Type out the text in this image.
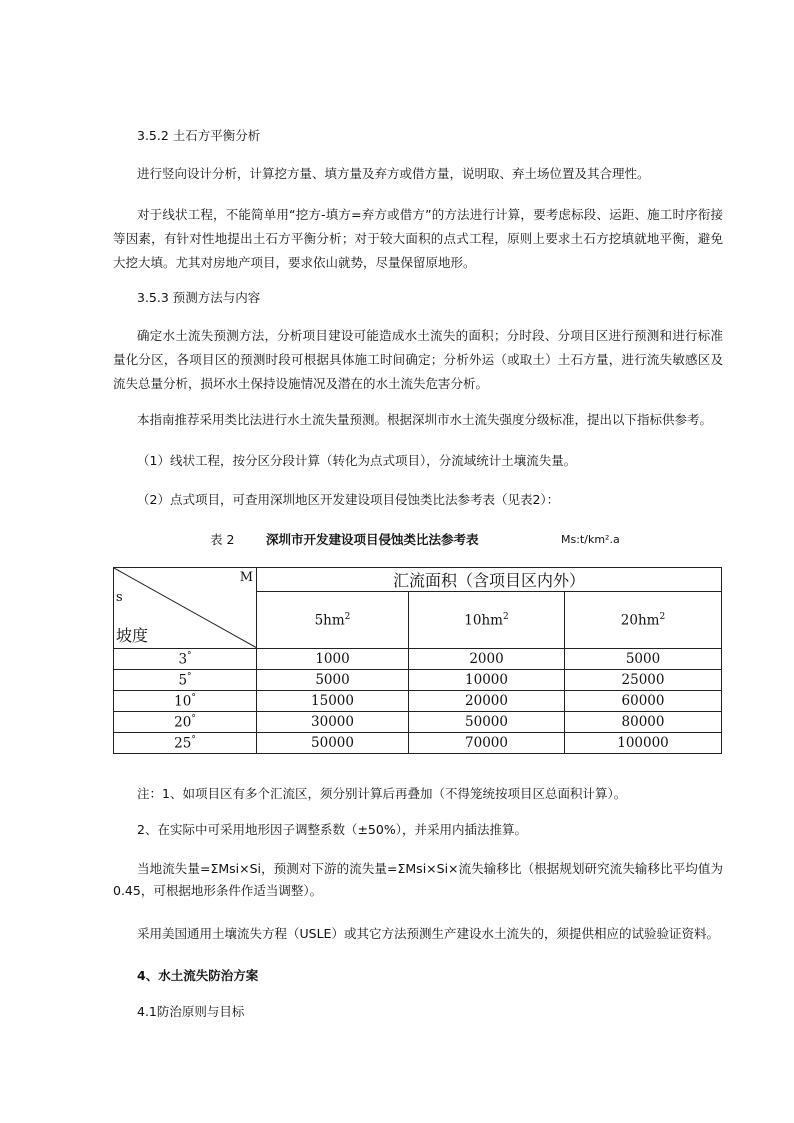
3.5.2 土石方平衡分析
进行竖向设计分析，计算挖方量、填方量及弃方或借方量，说明取、弃土场位置及其合理性。
对于线状工程，不能简单用“挖方-填方=弃方或借方”的方法进行计算，要考虑标段、运距、施工时序衔接等因素，有针对性地提出土石方平衡分析；对于较大面积的点式工程，原则上要求土石方挖填就地平衡，避免大挖大填。尤其对房地产项目，要求依山就势，尽量保留原地形。
3.5.3 预测方法与内容
确定水土流失预测方法，分析项目建设可能造成水土流失的面积；分时段、分项目区进行预测和进行标准量化分区，各项目区的预测时段可根据具体施工时间确定；分析外运（或取土）土石方量，进行流失敏感区及流失总量分析，损坏水土保持设施情况及潜在的水土流失危害分析。
本指南推荐采用类比法进行水土流失量预测。根据深圳市水土流失强度分级标准，提出以下指标供参考。
（1）线状工程，按分区分段计算（转化为点式项目），分流域统计土壤流失量。
（2）点式项目，可查用深圳地区开发建设项目侵蚀类比法参考表（见表2）：
表 2	深圳市开发建设项目侵蚀类比法参考表	Ms:t/km².a
M
s
坡度	汇流面积（含项目区内外）		
	$5hm^2$	$10hm^2$	$20hm^2$
3°	1000	2000	5000
5°	5000	10000	25000
10°	15000	20000	60000
20°	30000	50000	80000
25°	50000	70000	100000
注：1、如项目区有多个汇流区，须分别计算后再叠加（不得笼统按项目区总面积计算）。
2、在实际中可采用地形因子调整系数（±50%），并采用内插法推算。
当地流失量=ΣMsi×Si，预测对下游的流失量=ΣMsi×Si×流失输移比（根据规划研究流失输移比平均值为0.45，可根据地形条件作适当调整）。
采用美国通用土壤流失方程（USLE）或其它方法预测生产建设水土流失的，须提供相应的试验验证资料。
4、水土流失防治方案
4.1防治原则与目标
